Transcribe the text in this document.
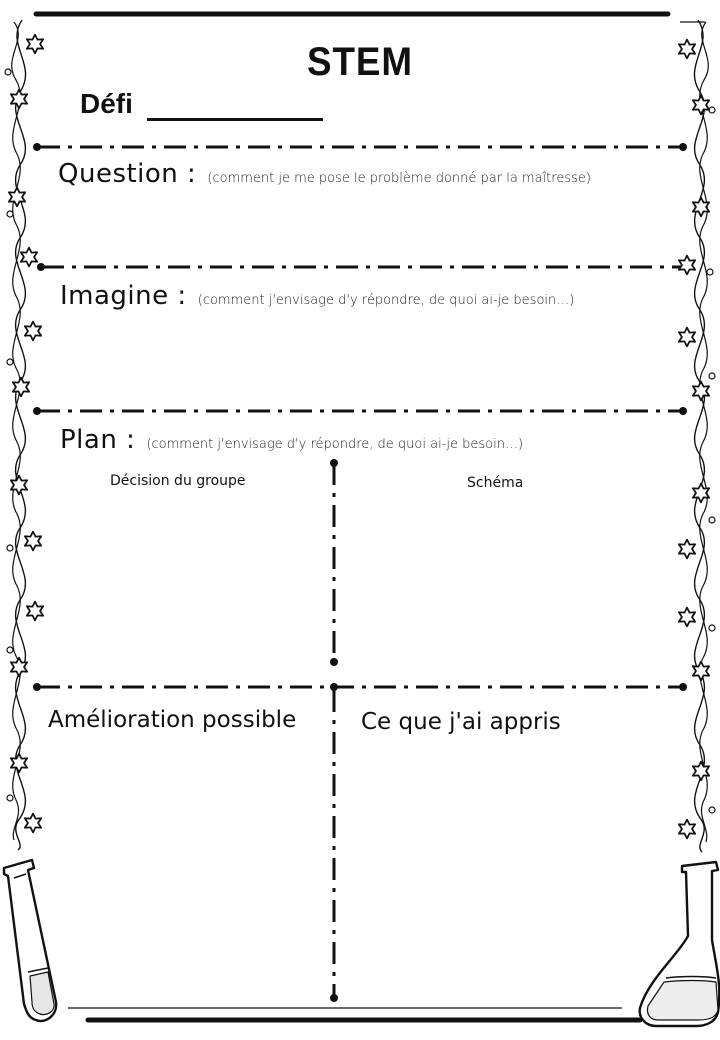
STEM
Défi
Question : (comment je me pose le problème donné par la maîtresse)
Imagine : (comment j'envisage d'y répondre, de quoi ai-je besoin…)
Plan : (comment j'envisage d'y répondre, de quoi ai-je besoin…)
Décision du groupe	Schéma
Amélioration possible	Ce que j'ai appris
